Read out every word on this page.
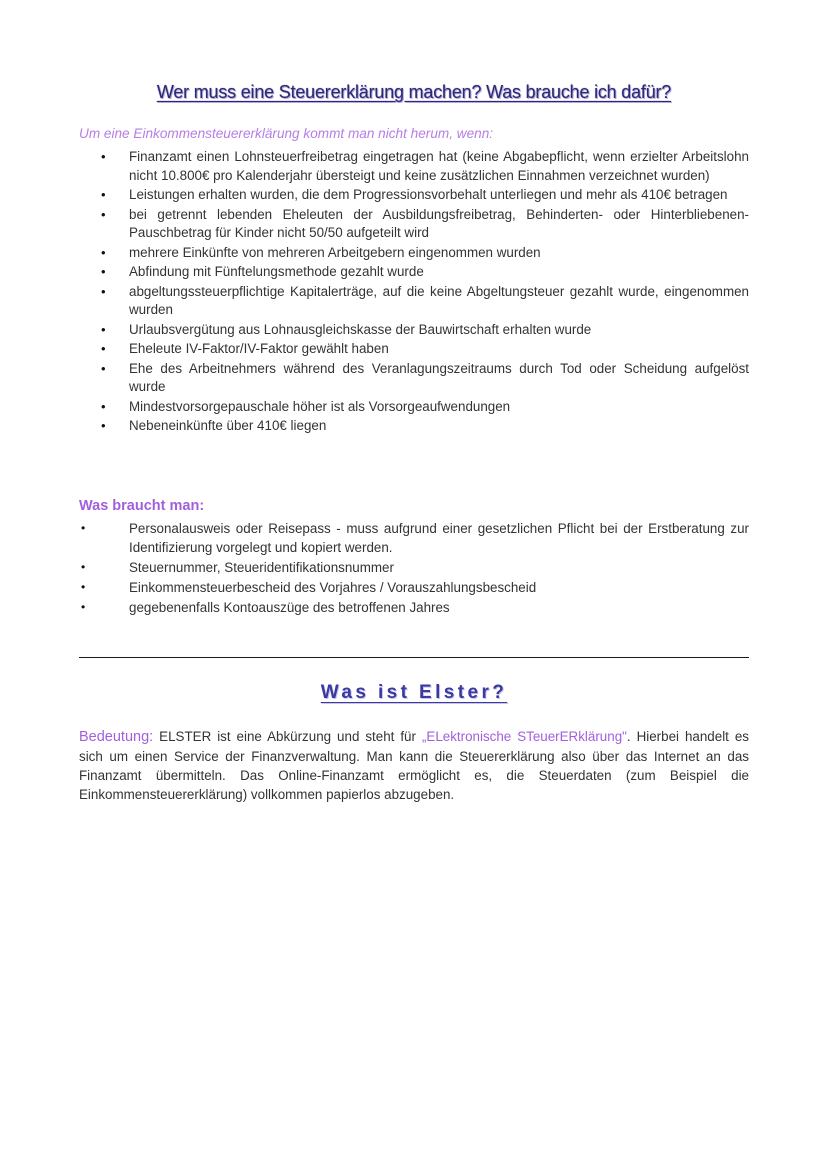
Wer muss eine Steuererklärung machen? Was brauche ich dafür?

Um eine Einkommensteuererklärung kommt man nicht herum, wenn:

• Finanzamt einen Lohnsteuerfreibetrag eingetragen hat (keine Abgabepflicht, wenn erzielter Arbeitslohn nicht 10.800€ pro Kalenderjahr übersteigt und keine zusätzlichen Einnahmen verzeichnet wurden)
• Leistungen erhalten wurden, die dem Progressionsvorbehalt unterliegen und mehr als 410€ betragen
• bei getrennt lebenden Eheleuten der Ausbildungsfreibetrag, Behinderten- oder Hinterbliebenen-Pauschbetrag für Kinder nicht 50/50 aufgeteilt wird
• mehrere Einkünfte von mehreren Arbeitgebern eingenommen wurden
• Abfindung mit Fünftelungsmethode gezahlt wurde
• abgeltungssteuerpflichtige Kapitalerträge, auf die keine Abgeltungsteuer gezahlt wurde, eingenommen wurden
• Urlaubsvergütung aus Lohnausgleichskasse der Bauwirtschaft erhalten wurde
• Eheleute IV-Faktor/IV-Faktor gewählt haben
• Ehe des Arbeitnehmers während des Veranlagungszeitraums durch Tod oder Scheidung aufgelöst wurde
• Mindestvorsorgepauschale höher ist als Vorsorgeaufwendungen
• Nebeneinkünfte über 410€ liegen
Was braucht man:
•	Personalausweis oder Reisepass - muss aufgrund einer gesetzlichen Pflicht bei der Erstberatung zur Identifizierung vorgelegt und kopiert werden.
•	Steuernummer, Steueridentifikationsnummer
•	Einkommensteuerbescheid des Vorjahres / Vorauszahlungsbescheid
•	gegebenenfalls Kontoauszüge des betroffenen Jahres
Was ist Elster?

Bedeutung: ELSTER ist eine Abkürzung und steht für „ELektronische STeuerERklärung". Hierbei handelt es sich um einen Service der Finanzverwaltung. Man kann die Steuererklärung also über das Internet an das Finanzamt übermitteln. Das Online-Finanzamt ermöglicht es, die Steuerdaten (zum Beispiel die Einkommensteuererklärung) vollkommen papierlos abzugeben.
